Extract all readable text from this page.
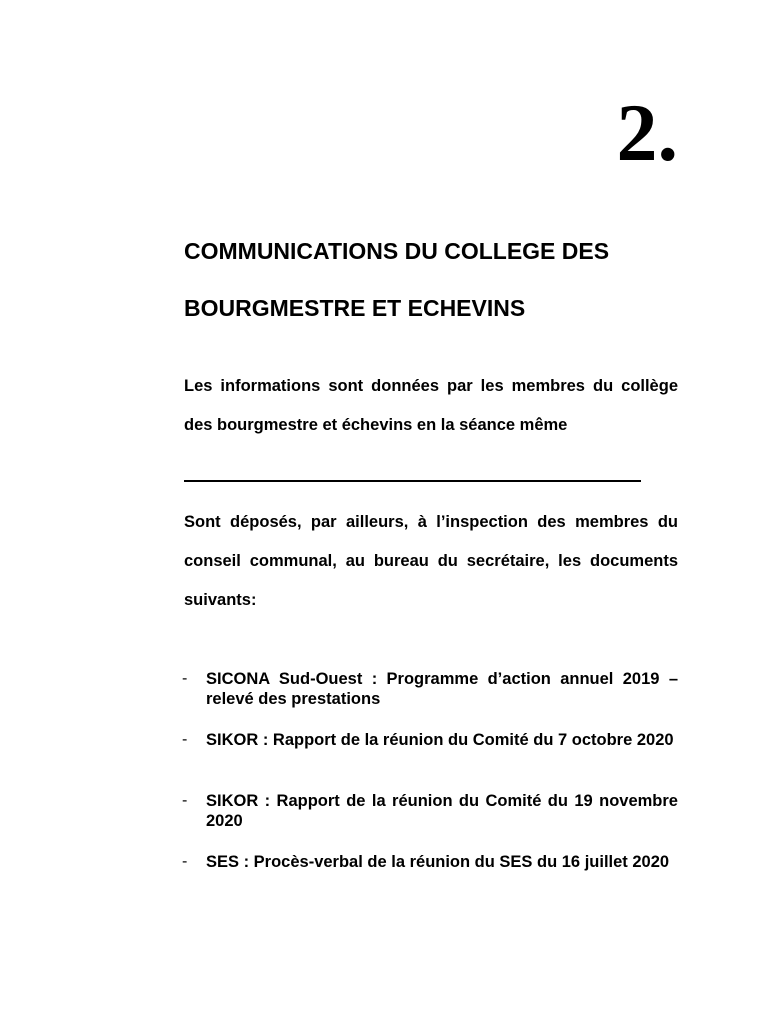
2.
COMMUNICATIONS DU COLLEGE DES
BOURGMESTRE ET ECHEVINS

Les informations sont données par les membres du collège des bourgmestre et échevins en la séance même

Sont déposés, par ailleurs, à l’inspection des membres du conseil communal, au bureau du secrétaire, les documents suivants:

- SICONA Sud-Ouest : Programme d’action annuel 2019 – relevé des prestations
- SIKOR : Rapport de la réunion du Comité du 7 octobre 2020
- SIKOR : Rapport de la réunion du Comité du 19 novembre 2020
- SES : Procès-verbal de la réunion du SES du 16 juillet 2020
